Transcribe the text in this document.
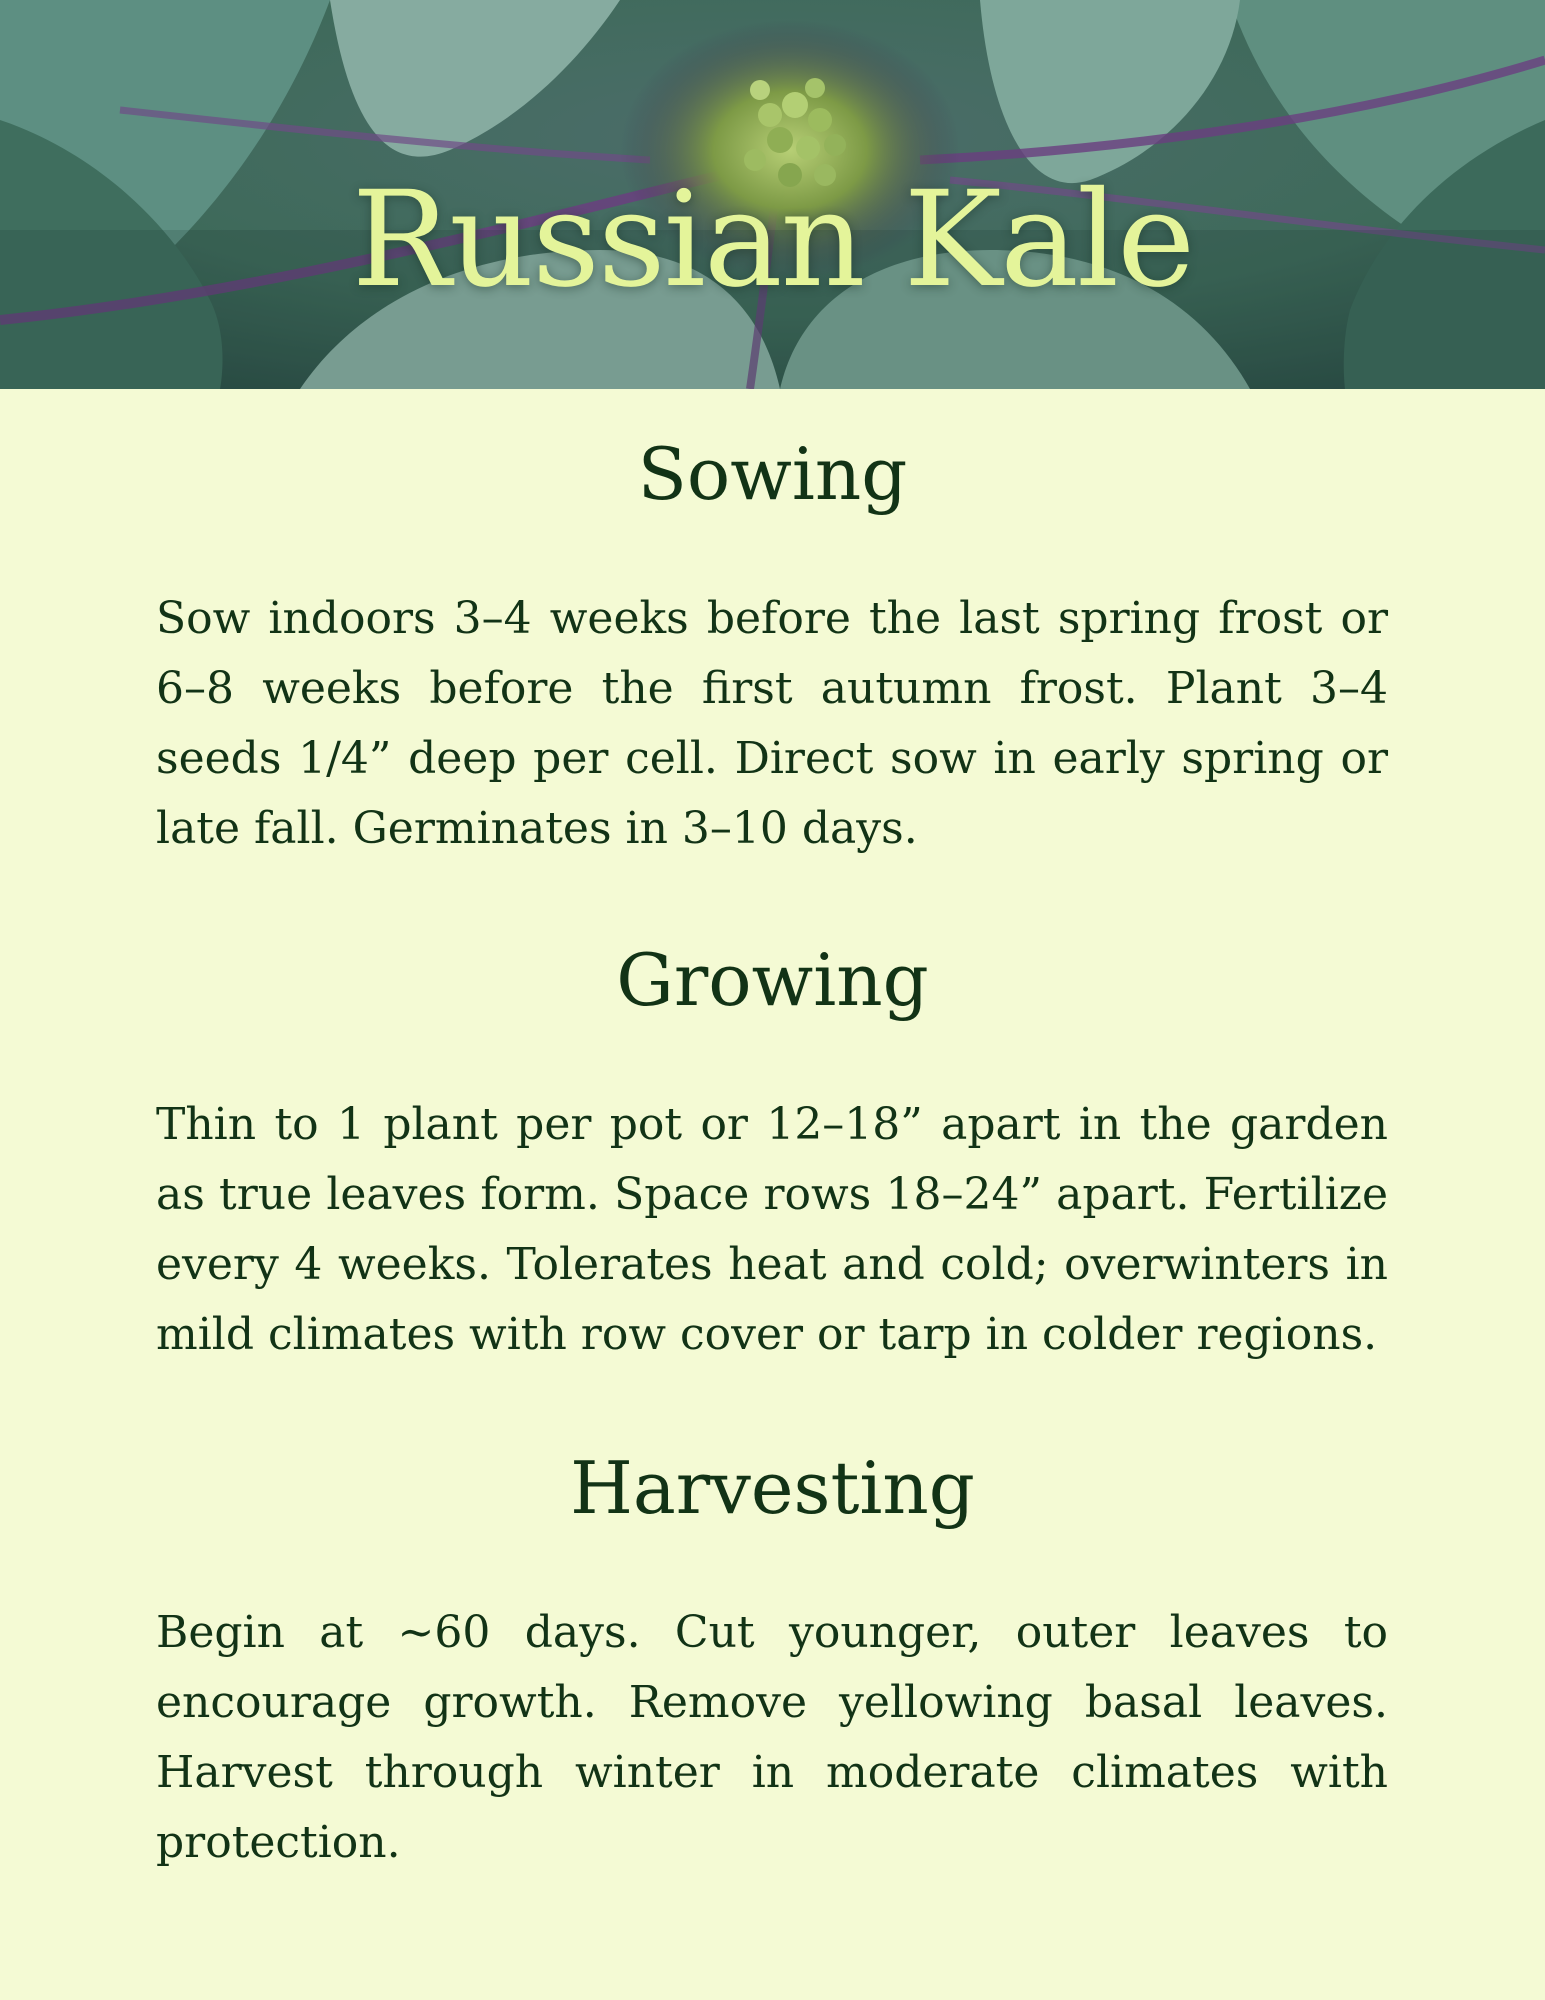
Russian Kale
Sowing

Sow indoors 3–4 weeks before the last spring frost or 6–8 weeks before the first autumn frost. Plant 3–4 seeds 1/4” deep per cell. Direct sow in early spring or late fall. Germinates in 3–10 days.

Growing

Thin to 1 plant per pot or 12–18” apart in the garden as true leaves form. Space rows 18–24” apart. Fertilize every 4 weeks. Tolerates heat and cold; overwinters in mild climates with row cover or tarp in colder regions.

Harvesting

Begin at ~60 days. Cut younger, outer leaves to encourage growth. Remove yellowing basal leaves. Harvest through winter in moderate climates with protection.
